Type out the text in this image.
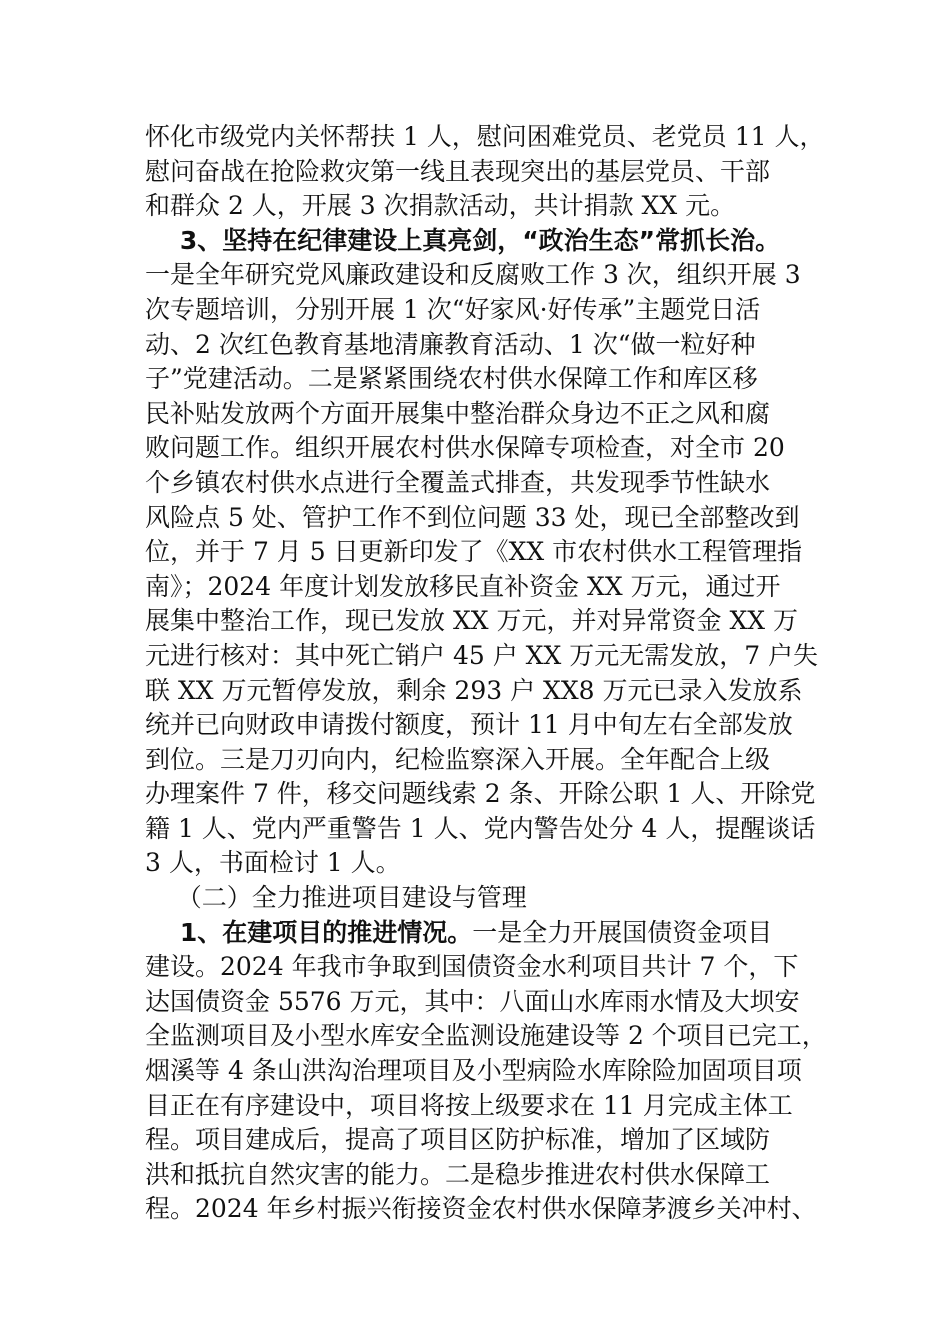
怀化市级党内关怀帮扶 1 人，慰问困难党员、老党员 11 人，
慰问奋战在抢险救灾第一线且表现突出的基层党员、干部
和群众 2 人，开展 3 次捐款活动，共计捐款 XX 元。
3、坚持在纪律建设上真亮剑，“政治生态”常抓长治。
一是全年研究党风廉政建设和反腐败工作 3 次，组织开展 3
次专题培训，分别开展 1 次“好家风·好传承”主题党日活
动、2 次红色教育基地清廉教育活动、1 次“做一粒好种
子”党建活动。二是紧紧围绕农村供水保障工作和库区移
民补贴发放两个方面开展集中整治群众身边不正之风和腐
败问题工作。组织开展农村供水保障专项检查，对全市 20
个乡镇农村供水点进行全覆盖式排查，共发现季节性缺水
风险点 5 处、管护工作不到位问题 33 处，现已全部整改到
位，并于 7 月 5 日更新印发了《XX 市农村供水工程管理指
南》；2024 年度计划发放移民直补资金 XX 万元，通过开
展集中整治工作，现已发放 XX 万元，并对异常资金 XX 万
元进行核对：其中死亡销户 45 户 XX 万元无需发放，7 户失
联 XX 万元暂停发放，剩余 293 户 XX8 万元已录入发放系
统并已向财政申请拨付额度，预计 11 月中旬左右全部发放
到位。三是刀刃向内，纪检监察深入开展。全年配合上级
办理案件 7 件，移交问题线索 2 条、开除公职 1 人、开除党
籍 1 人、党内严重警告 1 人、党内警告处分 4 人，提醒谈话
3 人，书面检讨 1 人。
（二）全力推进项目建设与管理
1、在建项目的推进情况。一是全力开展国债资金项目
建设。2024 年我市争取到国债资金水利项目共计 7 个，下
达国债资金 5576 万元，其中：八面山水库雨水情及大坝安
全监测项目及小型水库安全监测设施建设等 2 个项目已完工，
烟溪等 4 条山洪沟治理项目及小型病险水库除险加固项目项
目正在有序建设中，项目将按上级要求在 11 月完成主体工
程。项目建成后，提高了项目区防护标准，增加了区域防
洪和抵抗自然灾害的能力。二是稳步推进农村供水保障工
程。2024 年乡村振兴衔接资金农村供水保障茅渡乡关冲村、
